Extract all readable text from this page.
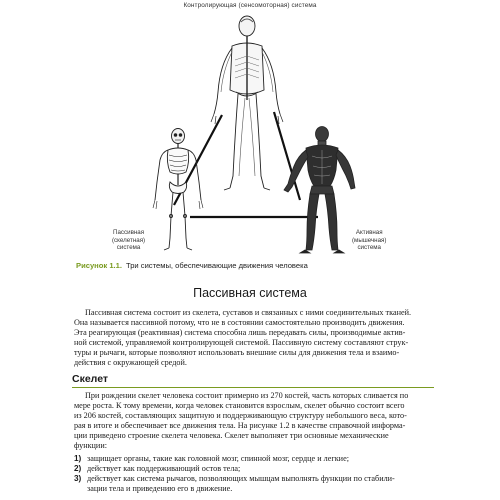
Контролирующая (сенсомоторная) система
Пассивная
(скелетная)
система
Активная
(мышечная)
система
Рисунок 1.1. Три системы, обеспечивающие движения человека
Пассивная система
Пассивная система состоит из скелета, суставов и связанных с ними соединительных тканей.
Она называется пассивной потому, что не в состоянии самостоятельно производить движения.
Эта реагирующая (реактивная) система способна лишь передавать силы, производимые актив-
ной системой, управляемой контролирующей системой. Пассивную систему составляют струк-
туры и рычаги, которые позволяют использовать внешние силы для движения тела и взаимо-
действия с окружающей средой.
Скелет
При рождении скелет человека состоит примерно из 270 костей, часть которых сливается по
мере роста. К тому времени, когда человек становится взрослым, скелет обычно состоит всего
из 206 костей, составляющих защитную и поддерживающую структуру небольшого веса, кото-
рая в итоге и обеспечивает все движения тела. На рисунке 1.2 в качестве справочной информа-
ции приведено строение скелета человека. Скелет выполняет три основные механические
функции:
1) защищает органы, такие как головной мозг, спинной мозг, сердце и легкие;
2) действует как поддерживающий остов тела;
3) действует как система рычагов, позволяющих мышцам выполнять функции по стабили-
зации тела и приведению его в движение.
